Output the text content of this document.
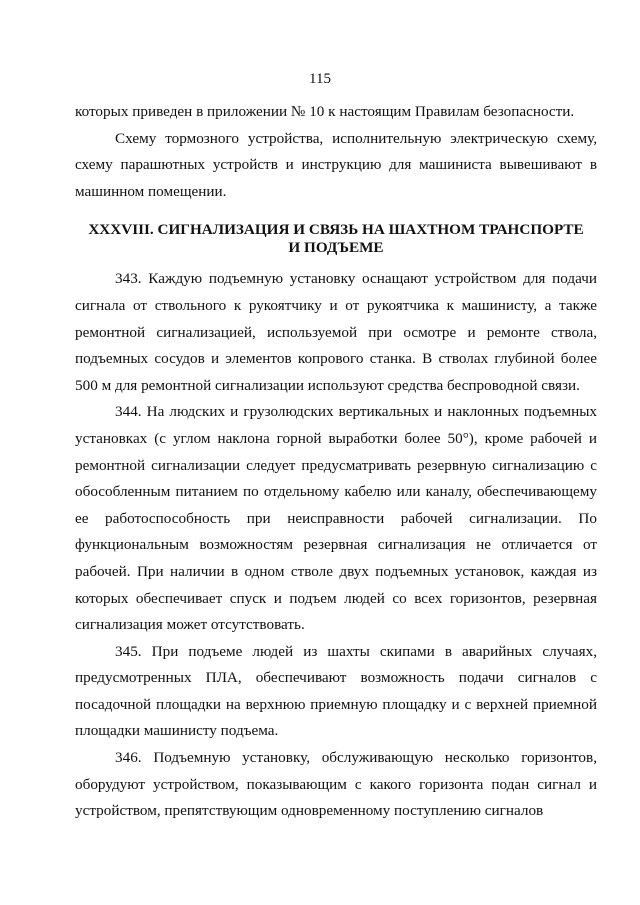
115

которых приведен в приложении № 10 к настоящим Правилам безопасности.

Схему тормозного устройства, исполнительную электрическую схему, схему парашютных устройств и инструкцию для машиниста вывешивают в машинном помещении.

XXXVIII. СИГНАЛИЗАЦИЯ И СВЯЗЬ НА ШАХТНОМ ТРАНСПОРТЕ
И ПОДЪЕМЕ

343. Каждую подъемную установку оснащают устройством для подачи сигнала от ствольного к рукоятчику и от рукоятчика к машинисту, а также ремонтной сигнализацией, используемой при осмотре и ремонте ствола, подъемных сосудов и элементов копрового станка. В стволах глубиной более 500 м для ремонтной сигнализации используют средства беспроводной связи.

344. На людских и грузолюдских вертикальных и наклонных подъемных установках (с углом наклона горной выработки более 50°), кроме рабочей и ремонтной сигнализации следует предусматривать резервную сигнализацию с обособленным питанием по отдельному кабелю или каналу, обеспечивающему ее работоспособность при неисправности рабочей сигнализации. По функциональным возможностям резервная сигнализация не отличается от рабочей. При наличии в одном стволе двух подъемных установок, каждая из которых обеспечивает спуск и подъем людей со всех горизонтов, резервная сигнализация может отсутствовать.

345. При подъеме людей из шахты скипами в аварийных случаях, предусмотренных ПЛА, обеспечивают возможность подачи сигналов с посадочной площадки на верхнюю приемную площадку и с верхней приемной площадки машинисту подъема.

346. Подъемную установку, обслуживающую несколько горизонтов, оборудуют устройством, показывающим с какого горизонта подан сигнал и устройством, препятствующим одновременному поступлению сигналов
